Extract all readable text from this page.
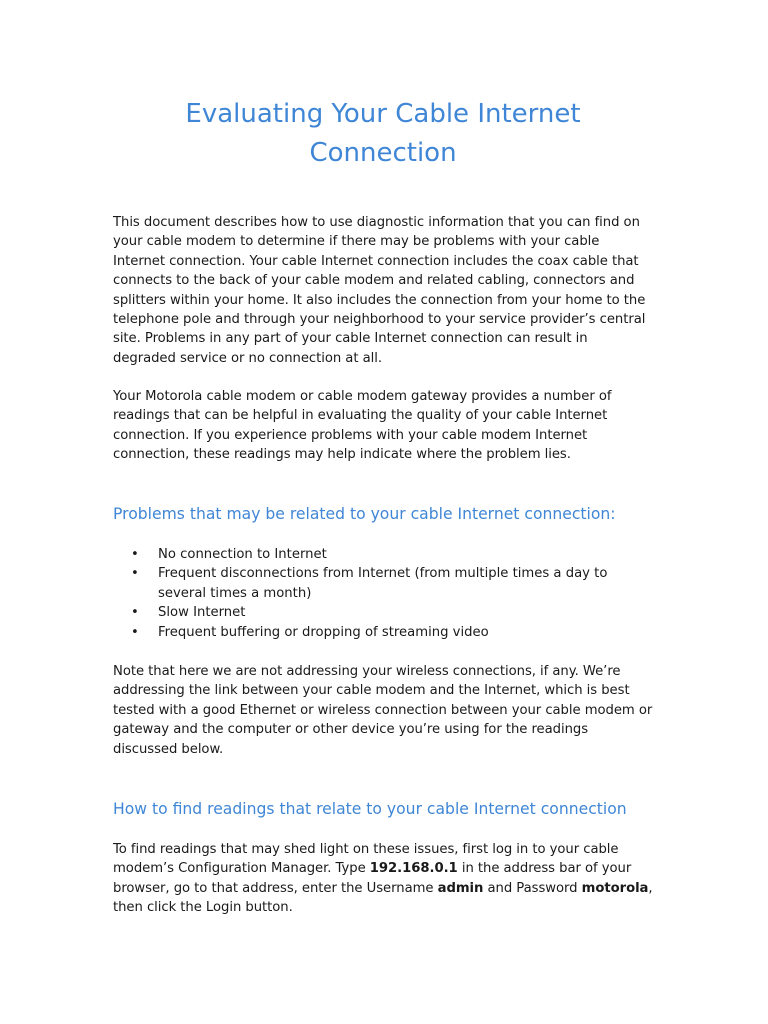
Evaluating Your Cable Internet
Connection

This document describes how to use diagnostic information that you can find on your cable modem to determine if there may be problems with your cable Internet connection. Your cable Internet connection includes the coax cable that connects to the back of your cable modem and related cabling, connectors and splitters within your home. It also includes the connection from your home to the telephone pole and through your neighborhood to your service provider’s central site. Problems in any part of your cable Internet connection can result in degraded service or no connection at all.

Your Motorola cable modem or cable modem gateway provides a number of readings that can be helpful in evaluating the quality of your cable Internet connection. If you experience problems with your cable modem Internet connection, these readings may help indicate where the problem lies.

Problems that may be related to your cable Internet connection:
• No connection to Internet
• Frequent disconnections from Internet (from multiple times a day to several times a month)
• Slow Internet
• Frequent buffering or dropping of streaming video

Note that here we are not addressing your wireless connections, if any. We’re addressing the link between your cable modem and the Internet, which is best tested with a good Ethernet or wireless connection between your cable modem or gateway and the computer or other device you’re using for the readings discussed below.

How to find readings that relate to your cable Internet connection

To find readings that may shed light on these issues, first log in to your cable modem’s Configuration Manager. Type 192.168.0.1 in the address bar of your browser, go to that address, enter the Username admin and Password motorola, then click the Login button.
